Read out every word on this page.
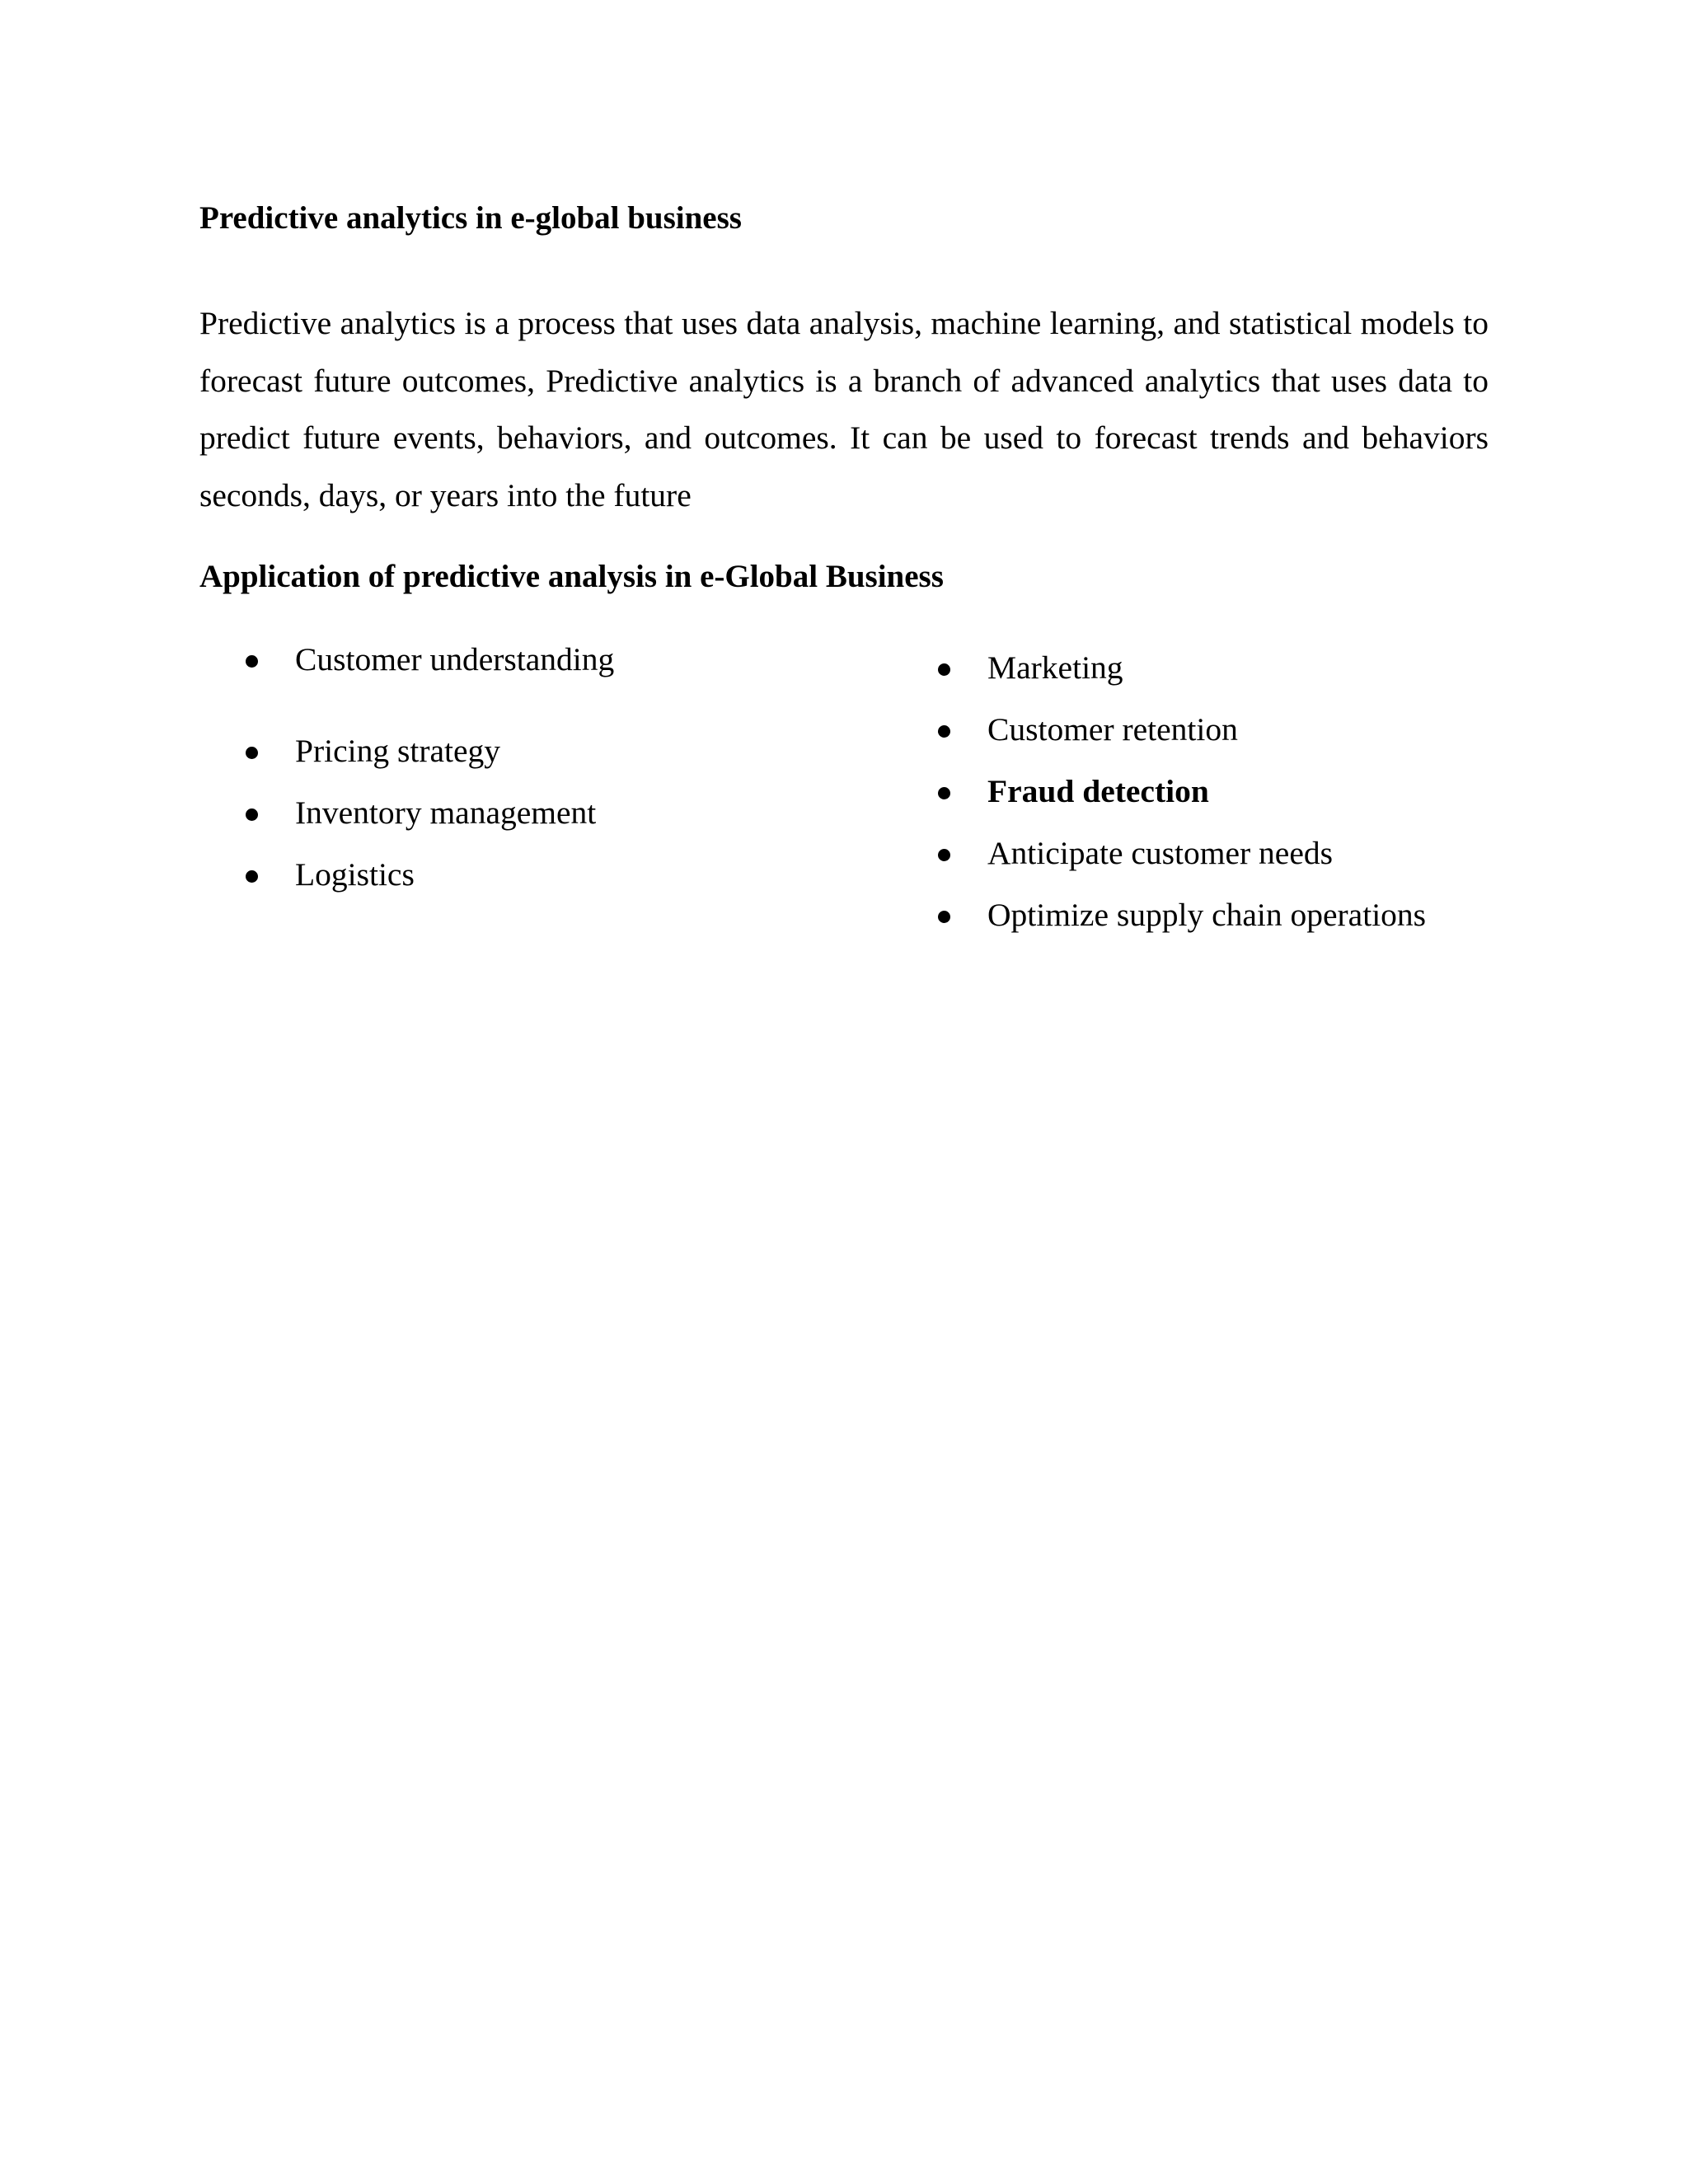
Predictive analytics in e-global business

Predictive analytics is a process that uses data analysis, machine learning, and statistical models to forecast future outcomes, Predictive analytics is a branch of advanced analytics that uses data to predict future events, behaviors, and outcomes. It can be used to forecast trends and behaviors seconds, days, or years into the future

Application of predictive analysis in e-Global Business
Customer understanding
Pricing strategy
Inventory management
Logistics
Marketing
Customer retention
Fraud detection
Anticipate customer needs
Optimize supply chain operations
